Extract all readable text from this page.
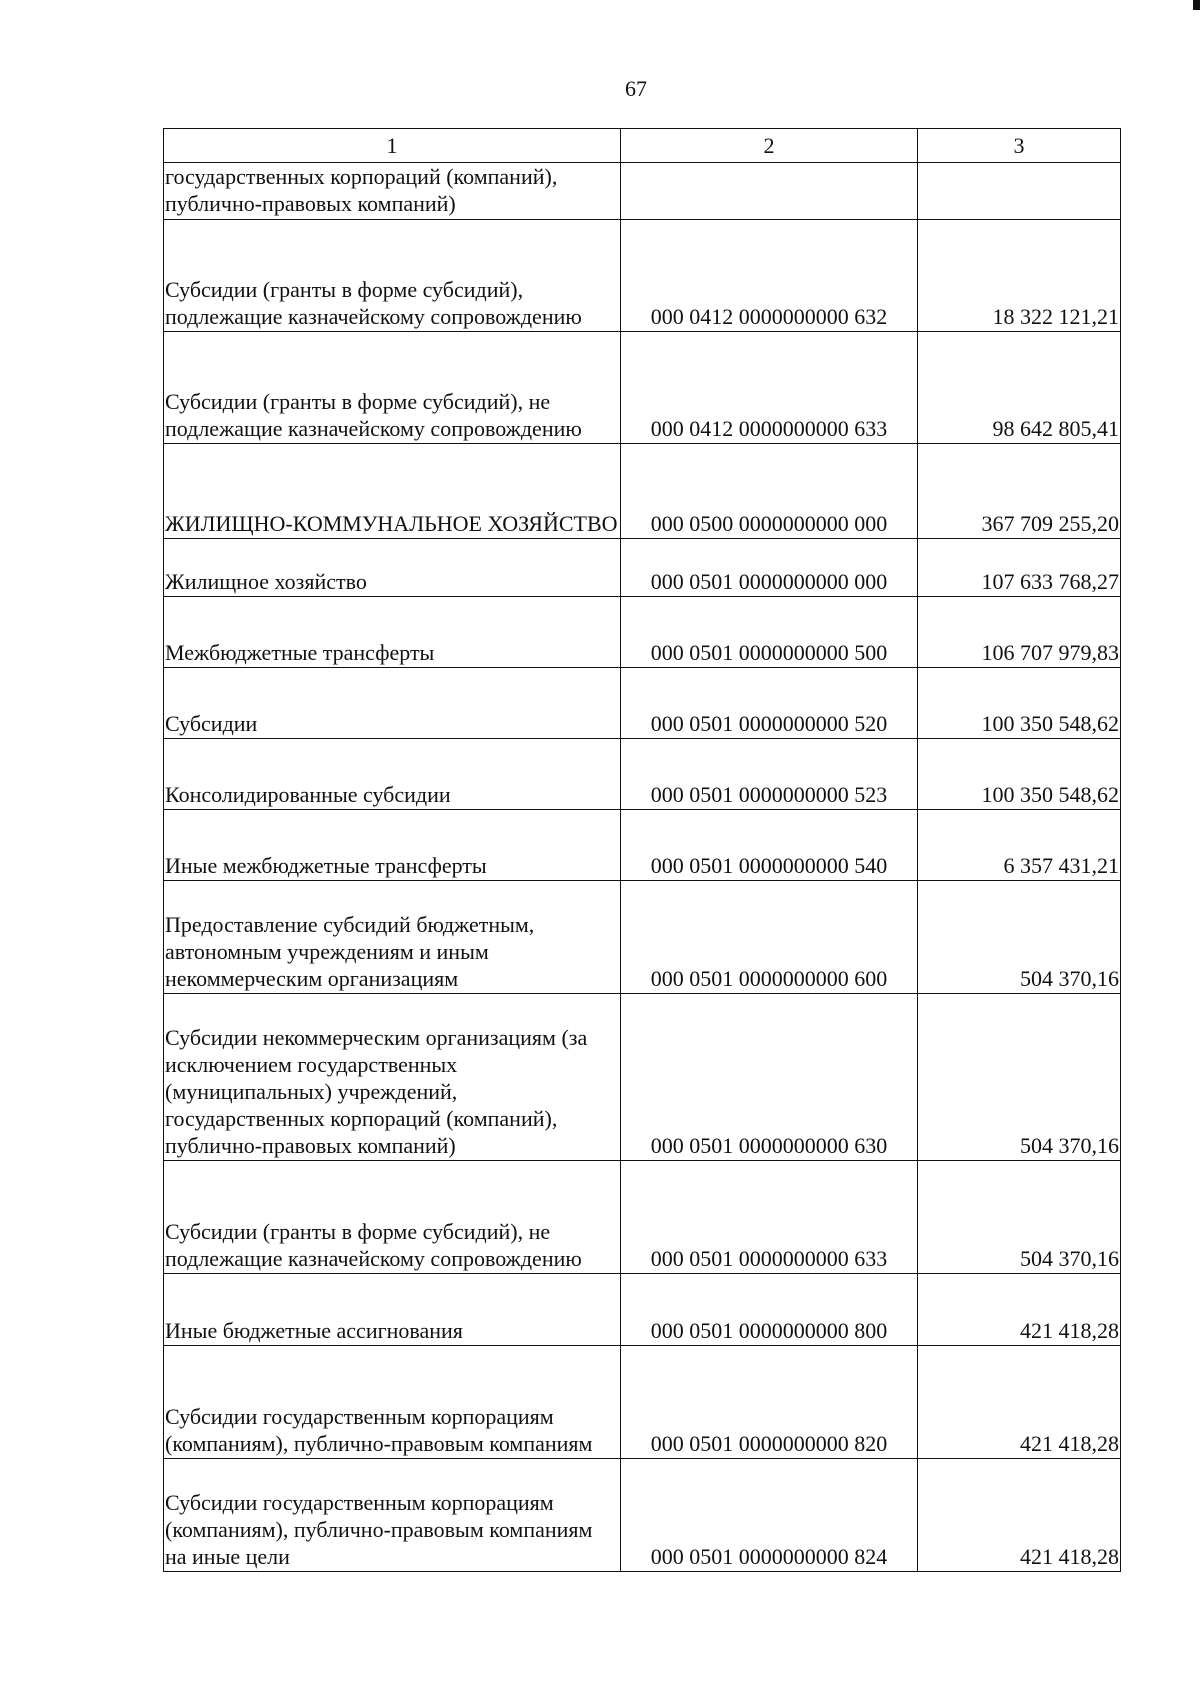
67
1	2	3
государственных корпораций (компаний), публично-правовых компаний)		
Субсидии (гранты в форме субсидий), подлежащие казначейскому сопровождению	000 0412 0000000000 632	18 322 121,21
Субсидии (гранты в форме субсидий), не подлежащие казначейскому сопровождению	000 0412 0000000000 633	98 642 805,41
ЖИЛИЩНО-КОММУНАЛЬНОЕ ХОЗЯЙСТВО	000 0500 0000000000 000	367 709 255,20
Жилищное хозяйство	000 0501 0000000000 000	107 633 768,27
Межбюджетные трансферты	000 0501 0000000000 500	106 707 979,83
Субсидии	000 0501 0000000000 520	100 350 548,62
Консолидированные субсидии	000 0501 0000000000 523	100 350 548,62
Иные межбюджетные трансферты	000 0501 0000000000 540	6 357 431,21
Предоставление субсидий бюджетным, автономным учреждениям и иным некоммерческим организациям	000 0501 0000000000 600	504 370,16
Субсидии некоммерческим организациям (за исключением государственных (муниципальных) учреждений, государственных корпораций (компаний), публично-правовых компаний)	000 0501 0000000000 630	504 370,16
Субсидии (гранты в форме субсидий), не подлежащие казначейскому сопровождению	000 0501 0000000000 633	504 370,16
Иные бюджетные ассигнования	000 0501 0000000000 800	421 418,28
Субсидии государственным корпорациям (компаниям), публично-правовым компаниям	000 0501 0000000000 820	421 418,28
Субсидии государственным корпорациям (компаниям), публично-правовым компаниям на иные цели	000 0501 0000000000 824	421 418,28
